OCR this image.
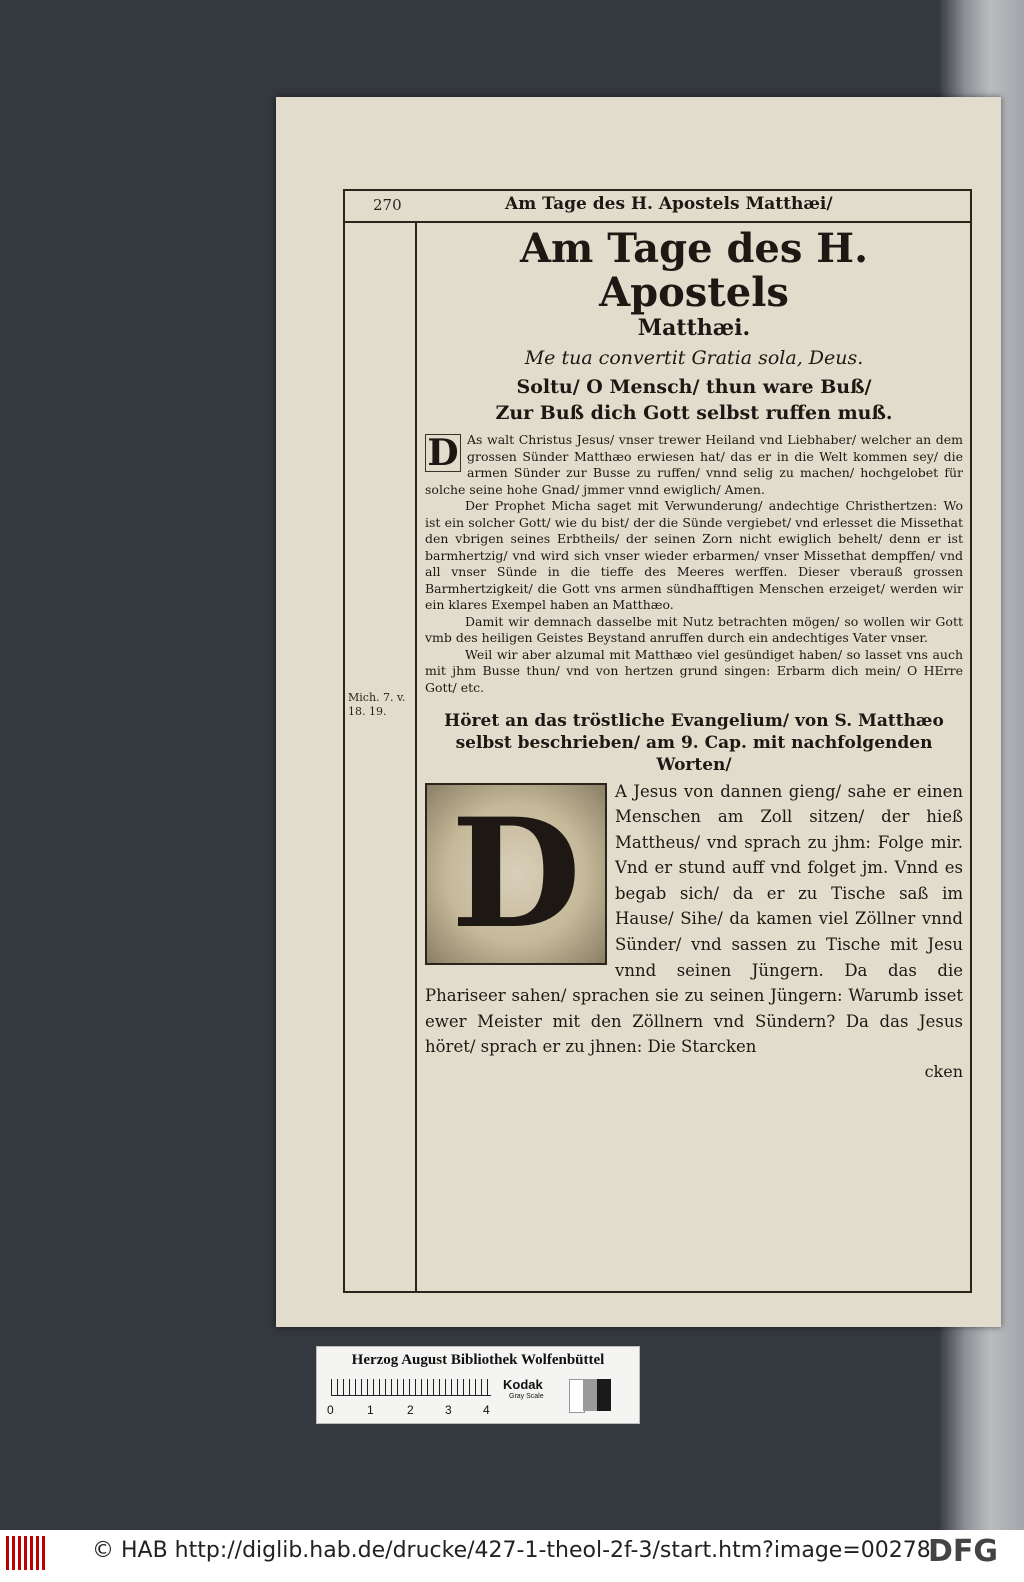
270	Am Tage des H. Apostels Matthæi/
Mich. 7. v. 18. 19.
Am Tage des H. Apostels
Matthæi.

Me tua convertit Gratia sola, Deus.

Soltu/ O Mensch/ thun ware Buß/
Zur Buß dich Gott selbst ruffen muß.

D As walt Christus Jesus/ vnser trewer Heiland vnd Liebhaber/ welcher an dem grossen Sünder Matthæo erwiesen hat/ das er in die Welt kommen sey/ die armen Sünder zur Busse zu ruffen/ vnnd selig zu machen/ hochgelobet für solche seine hohe Gnad/ jmmer vnnd ewiglich/ Amen.

Der Prophet Micha saget mit Verwunderung/ andechtige Christhertzen: Wo ist ein solcher Gott/ wie du bist/ der die Sünde vergiebet/ vnd erlesset die Missethat den vbrigen seines Erbtheils/ der seinen Zorn nicht ewiglich behelt/ denn er ist barmhertzig/ vnd wird sich vnser wieder erbarmen/ vnser Missethat dempffen/ vnd all vnser Sünde in die tieffe des Meeres werffen. Dieser vberauß grossen Barmhertzigkeit/ die Gott vns armen sündhafftigen Menschen erzeiget/ werden wir ein klares Exempel haben an Matthæo.

Damit wir demnach dasselbe mit Nutz betrachten mögen/ so wollen wir Gott vmb des heiligen Geistes Beystand anruffen durch ein andechtiges Vater vnser.

Weil wir aber alzumal mit Matthæo viel gesündiget haben/ so lasset vns auch mit jhm Busse thun/ vnd von hertzen grund singen: Erbarm dich mein/ O HErre Gott/ etc.

Höret an das tröstliche Evangelium/ von S. Matthæo selbst beschrieben/ am 9. Cap. mit nachfolgenden Worten/

D	A Jesus von dannen gieng/ sahe er einen Menschen am Zoll sitzen/ der hieß Mattheus/ vnd sprach zu jhm: Folge mir. Vnd er stund auff vnd folget jm. Vnnd es begab sich/ da er zu Tische saß im Hause/ Sihe/ da kamen viel Zöllner vnnd Sünder/ vnd sassen zu Tische mit Jesu vnnd seinen Jüngern. Da das die Phariseer sahen/ sprachen sie zu seinen Jüngern: Warumb isset ewer Meister mit den Zöllnern vnd Sündern? Da das Jesus höret/ sprach er zu jhnen: Die Starcken

cken

Herzog August Bibliothek Wolfenbüttel
0	1	2	3	4
Kodak
Gray Scale
© HAB http://diglib.hab.de/drucke/427-1-theol-2f-3/start.htm?image=00278
DFG
